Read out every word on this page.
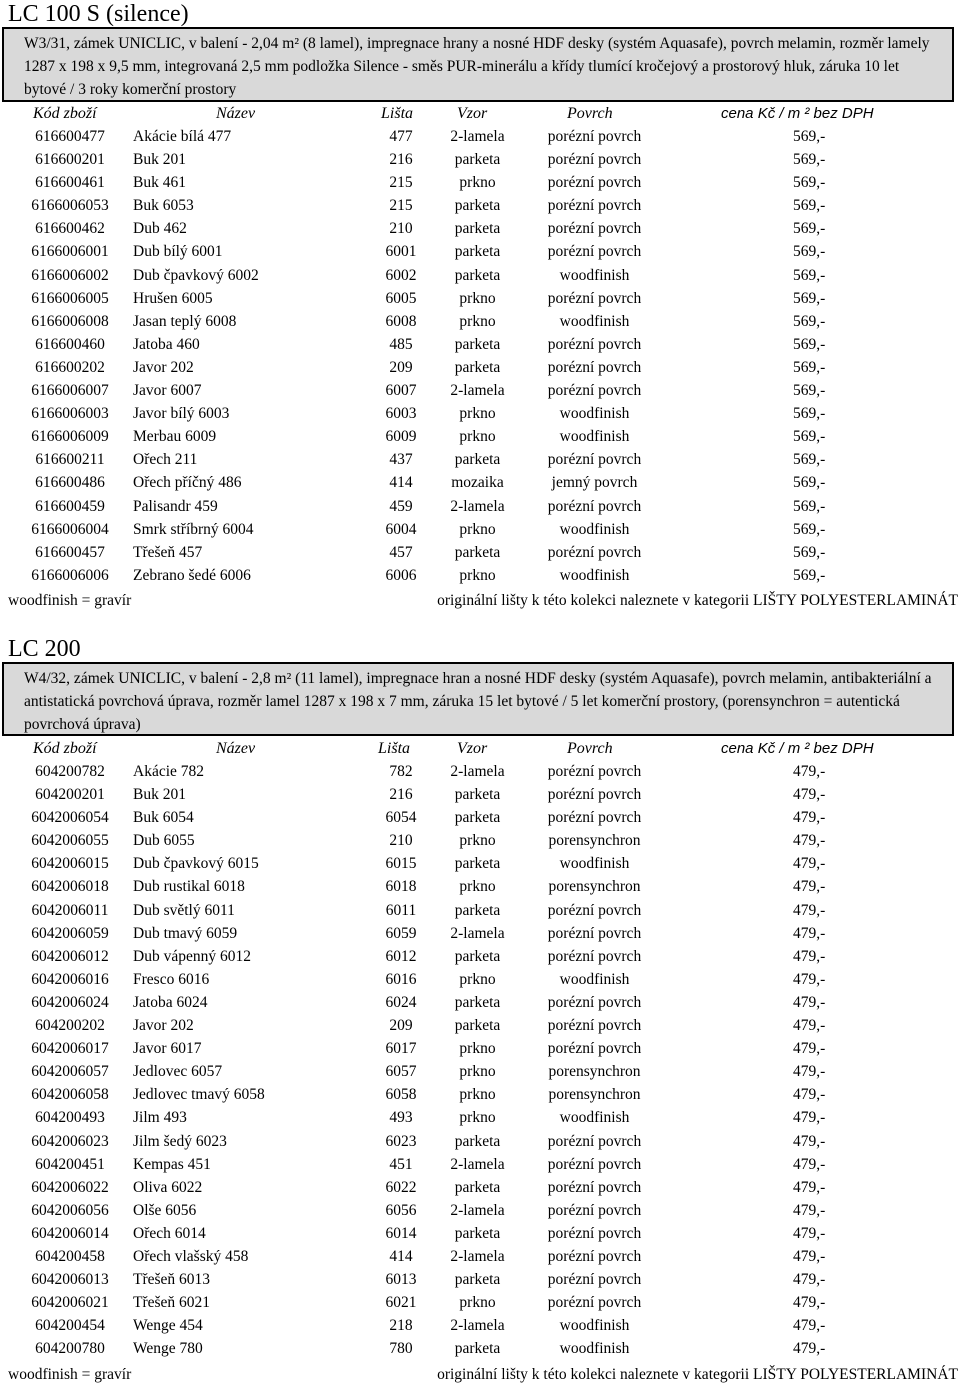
LC 100 S (silence)
W3/31, zámek UNICLIC, v balení - 2,04 m² (8 lamel), impregnace hrany a nosné HDF desky (systém Aquasafe), povrch melamin, rozměr lamely 1287 x 198 x 9,5 mm, integrovaná 2,5 mm podložka Silence - směs PUR-minerálu a křídy tlumící kročejový a prostorový hluk, záruka 10 let bytové / 3 roky komerční prostory
Kód zboží	Název	Lišta	Vzor	Povrch	cena Kč / m ² bez DPH
616600477	Akácie bílá 477	477	2-lamela	porézní povrch	569,-
616600201	Buk 201	216	parketa	porézní povrch	569,-
616600461	Buk 461	215	prkno	porézní povrch	569,-
6166006053	Buk 6053	215	parketa	porézní povrch	569,-
616600462	Dub 462	210	parketa	porézní povrch	569,-
6166006001	Dub bílý 6001	6001	parketa	porézní povrch	569,-
6166006002	Dub čpavkový 6002	6002	parketa	woodfinish	569,-
6166006005	Hrušen 6005	6005	prkno	porézní povrch	569,-
6166006008	Jasan teplý 6008	6008	prkno	woodfinish	569,-
616600460	Jatoba 460	485	parketa	porézní povrch	569,-
616600202	Javor 202	209	parketa	porézní povrch	569,-
6166006007	Javor 6007	6007	2-lamela	porézní povrch	569,-
6166006003	Javor bílý 6003	6003	prkno	woodfinish	569,-
6166006009	Merbau 6009	6009	prkno	woodfinish	569,-
616600211	Ořech 211	437	parketa	porézní povrch	569,-
616600486	Ořech příčný 486	414	mozaika	jemný povrch	569,-
616600459	Palisandr 459	459	2-lamela	porézní povrch	569,-
6166006004	Smrk stříbrný 6004	6004	prkno	woodfinish	569,-
616600457	Třešeň 457	457	parketa	porézní povrch	569,-
6166006006	Zebrano šedé 6006	6006	prkno	woodfinish	569,-
woodfinish = gravír	originální lišty k této kolekci naleznete v kategorii LIŠTY POLYESTERLAMINÁT
LC 200
W4/32, zámek UNICLIC, v balení - 2,8 m² (11 lamel), impregnace hran a nosné HDF desky (systém Aquasafe), povrch melamin, antibakteriální a antistatická povrchová úprava, rozměr lamel 1287 x 198 x 7 mm, záruka 15 let bytové / 5 let komerční prostory, (porensynchron = autentická povrchová úprava)
Kód zboží	Název	Lišta	Vzor	Povrch	cena Kč / m ² bez DPH
604200782	Akácie 782	782	2-lamela	porézní povrch	479,-
604200201	Buk 201	216	parketa	porézní povrch	479,-
6042006054	Buk 6054	6054	parketa	porézní povrch	479,-
6042006055	Dub 6055	210	prkno	porensynchron	479,-
6042006015	Dub čpavkový 6015	6015	parketa	woodfinish	479,-
6042006018	Dub rustikal 6018	6018	prkno	porensynchron	479,-
6042006011	Dub světlý 6011	6011	parketa	porézní povrch	479,-
6042006059	Dub tmavý 6059	6059	2-lamela	porézní povrch	479,-
6042006012	Dub vápenný 6012	6012	parketa	porézní povrch	479,-
6042006016	Fresco 6016	6016	prkno	woodfinish	479,-
6042006024	Jatoba 6024	6024	parketa	porézní povrch	479,-
604200202	Javor 202	209	parketa	porézní povrch	479,-
6042006017	Javor 6017	6017	prkno	porézní povrch	479,-
6042006057	Jedlovec 6057	6057	prkno	porensynchron	479,-
6042006058	Jedlovec tmavý 6058	6058	prkno	porensynchron	479,-
604200493	Jilm 493	493	prkno	woodfinish	479,-
6042006023	Jilm šedý 6023	6023	parketa	porézní povrch	479,-
604200451	Kempas 451	451	2-lamela	porézní povrch	479,-
6042006022	Oliva 6022	6022	parketa	porézní povrch	479,-
6042006056	Olše 6056	6056	2-lamela	porézní povrch	479,-
6042006014	Ořech 6014	6014	parketa	porézní povrch	479,-
604200458	Ořech vlašský 458	414	2-lamela	porézní povrch	479,-
6042006013	Třešeň 6013	6013	parketa	porézní povrch	479,-
6042006021	Třešeň 6021	6021	prkno	porézní povrch	479,-
604200454	Wenge 454	218	2-lamela	woodfinish	479,-
604200780	Wenge 780	780	parketa	woodfinish	479,-
woodfinish = gravír	originální lišty k této kolekci naleznete v kategorii LIŠTY POLYESTERLAMINÁT
